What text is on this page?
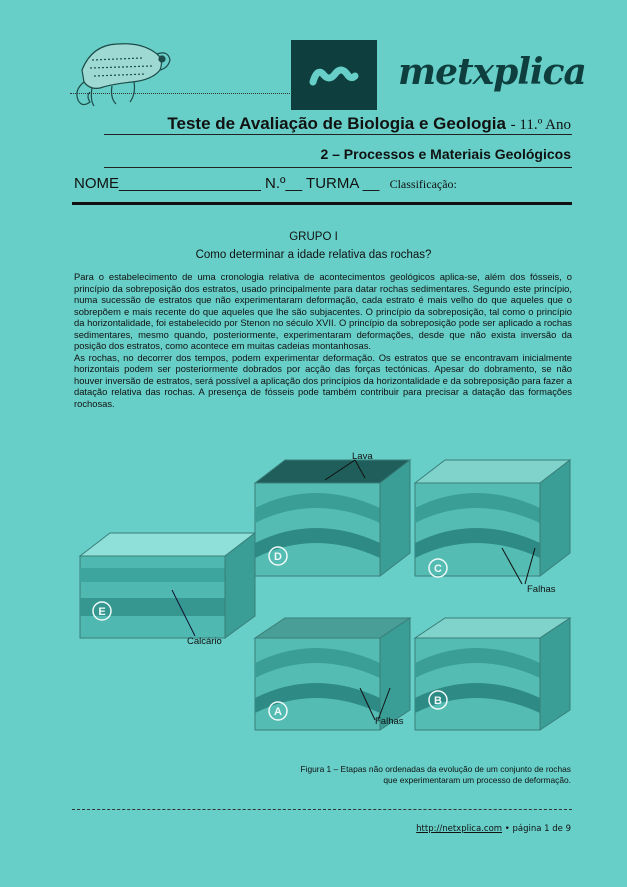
metxplica
Teste de Avaliação de Biologia e Geologia - 11.º Ano
2 – Processos e Materiais Geológicos
NOME_________________ N.º__ TURMA __ Classificação:
GRUPO I
Como determinar a idade relativa das rochas?

Para o estabelecimento de uma cronologia relativa de acontecimentos geológicos aplica-se, além dos fósseis, o princípio da sobreposição dos estratos, usado principalmente para datar rochas sedimentares. Segundo este princípio, numa sucessão de estratos que não experimentaram deformação, cada estrato é mais velho do que aqueles que o sobrepõem e mais recente do que aqueles que lhe são subjacentes. O princípio da sobreposição, tal como o princípio da horizontalidade, foi estabelecido por Stenon no século XVII. O princípio da sobreposição pode ser aplicado a rochas sedimentares, mesmo quando, posteriormente, experimentaram deformações, desde que não exista inversão da posição dos estratos, como acontece em muitas cadeias montanhosas.

As rochas, no decorrer dos tempos, podem experimentar deformação. Os estratos que se encontravam inicialmente horizontais podem ser posteriormente dobrados por acção das forças tectónicas. Apesar do dobramento, se não houver inversão de estratos, será possível a aplicação dos princípios da horizontalidade e da sobreposição para fazer a datação relativa das rochas. A presença de fósseis pode também contribuir para precisar a datação das formações rochosas.

E
Calcário
D
Lava
C
Falhas
A
Falhas
B
Figura 1 – Etapas não ordenadas da evolução de um conjunto de rochas
que experimentaram um processo de deformação.
http://netxplica.com • página 1 de 9
